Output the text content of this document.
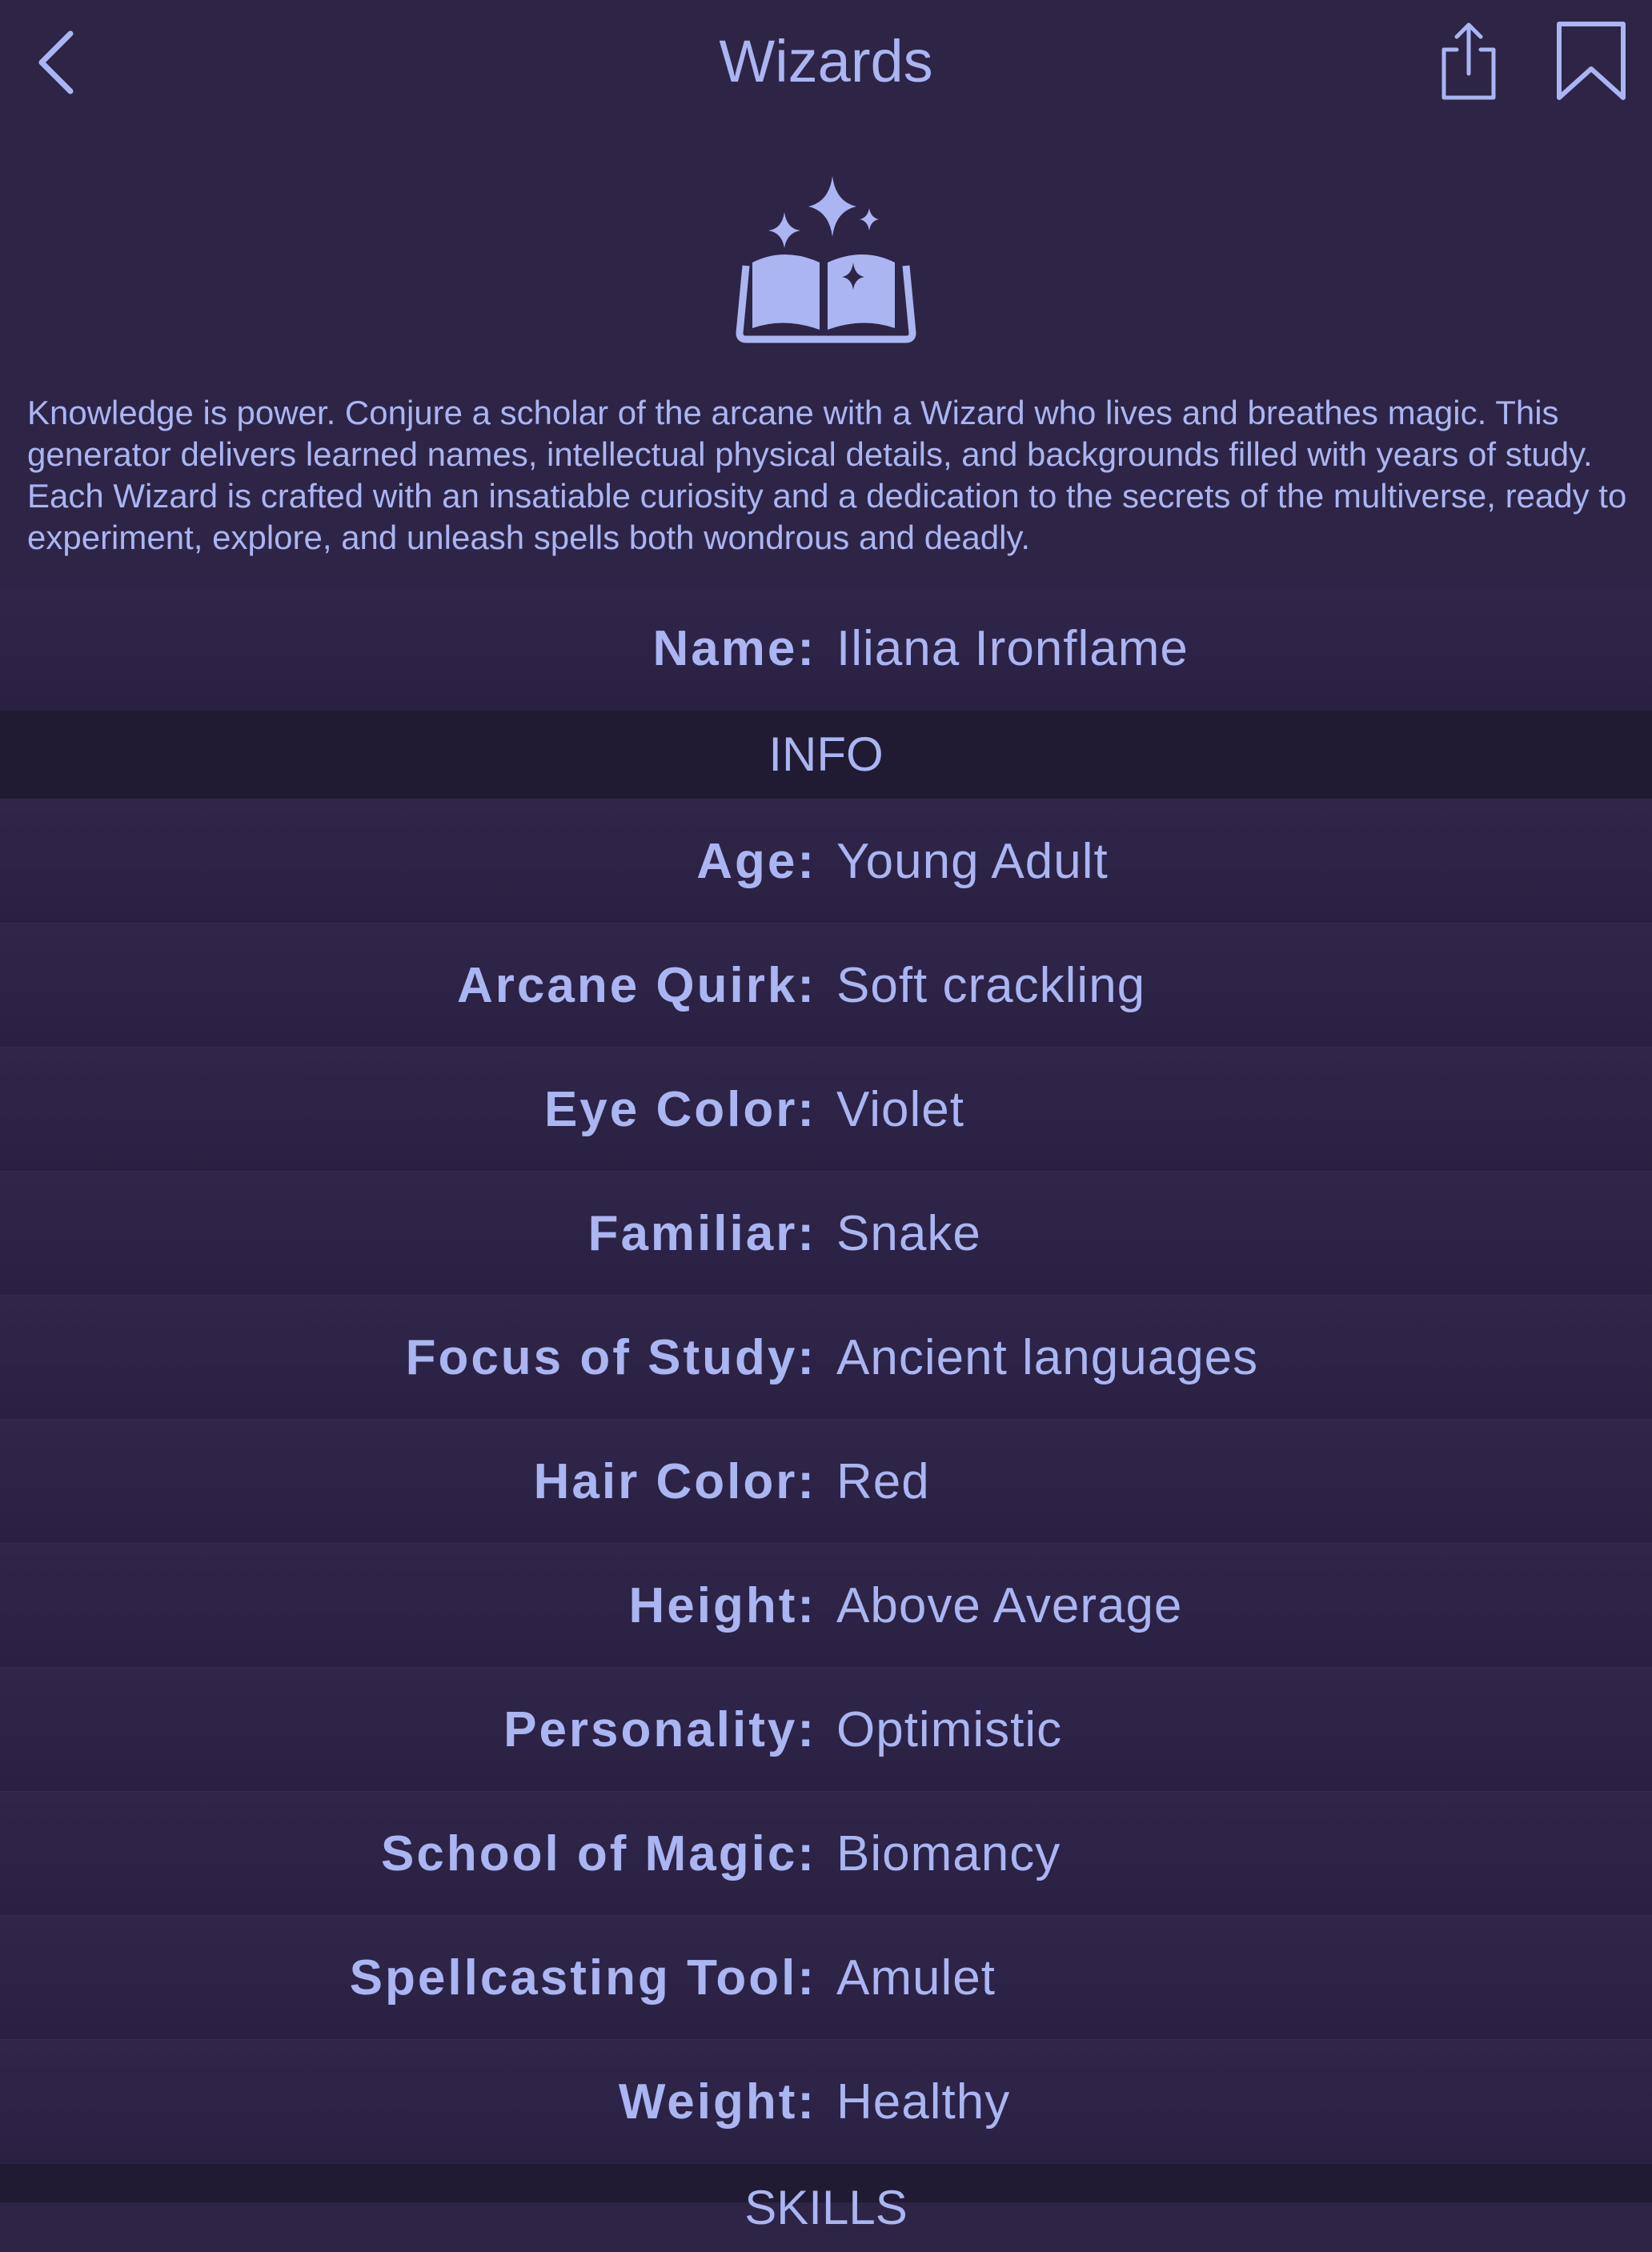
Wizards
Knowledge is power. Conjure a scholar of the arcane with a Wizard who lives and breathes magic. This generator delivers learned names, intellectual physical details, and backgrounds filled with years of study. Each Wizard is crafted with an insatiable curiosity and a dedication to the secrets of the multiverse, ready to experiment, explore, and unleash spells both wondrous and deadly.
Name: Iliana Ironflame
INFO
Age: Young Adult
Arcane Quirk: Soft crackling
Eye Color: Violet
Familiar: Snake
Focus of Study: Ancient languages
Hair Color: Red
Height: Above Average
Personality: Optimistic
School of Magic: Biomancy
Spellcasting Tool: Amulet
Weight: Healthy
SKILLS
